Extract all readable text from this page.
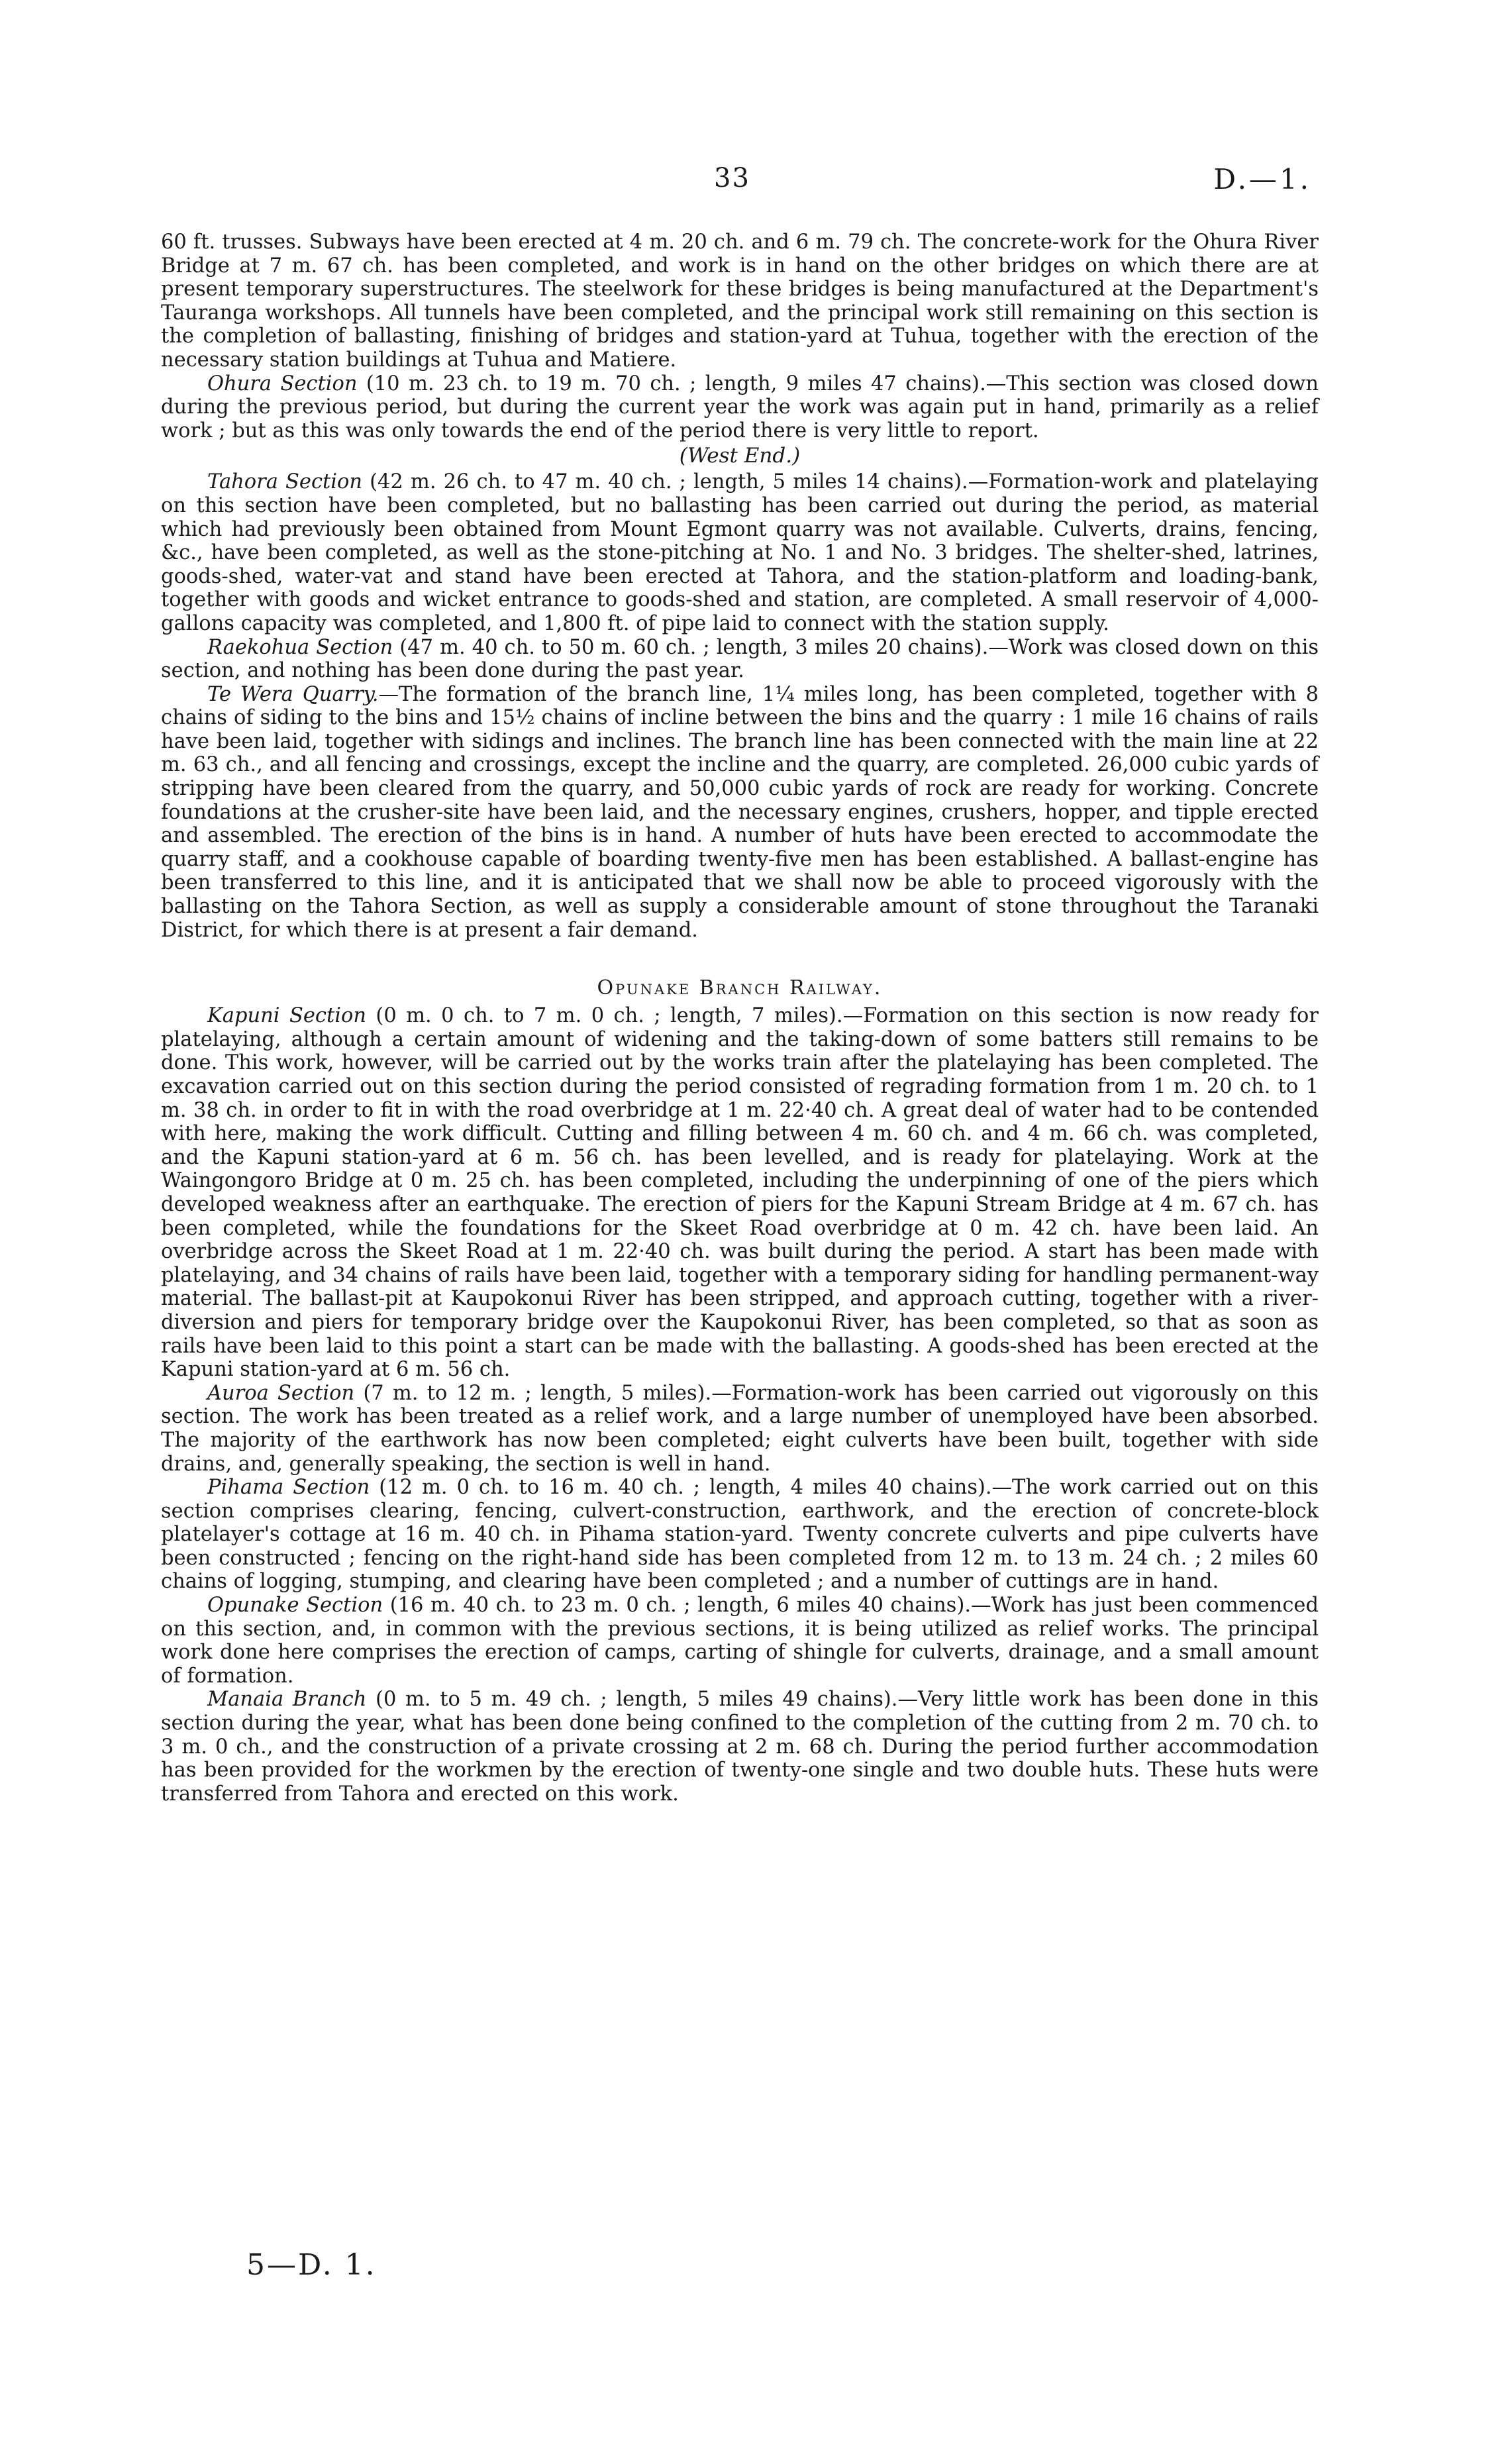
33	D.—1.

60 ft. trusses. Subways have been erected at 4 m. 20 ch. and 6 m. 79 ch. The concrete-work for the Ohura River Bridge at 7 m. 67 ch. has been completed, and work is in hand on the other bridges on which there are at present temporary superstructures. The steelwork for these bridges is being manufactured at the Department's Tauranga workshops. All tunnels have been completed, and the principal work still remaining on this section is the completion of ballasting, finishing of bridges and station-yard at Tuhua, together with the erection of the necessary station buildings at Tuhua and Matiere.

Ohura Section (10 m. 23 ch. to 19 m. 70 ch. ; length, 9 miles 47 chains).—This section was closed down during the previous period, but during the current year the work was again put in hand, primarily as a relief work ; but as this was only towards the end of the period there is very little to report.

(West End.)

Tahora Section (42 m. 26 ch. to 47 m. 40 ch. ; length, 5 miles 14 chains).—Formation-work and platelaying on this section have been completed, but no ballasting has been carried out during the period, as material which had previously been obtained from Mount Egmont quarry was not available. Culverts, drains, fencing, &c., have been completed, as well as the stone-pitching at No. 1 and No. 3 bridges. The shelter-shed, latrines, goods-shed, water-vat and stand have been erected at Tahora, and the station-platform and loading-bank, together with goods and wicket entrance to goods-shed and station, are completed. A small reservoir of 4,000-gallons capacity was completed, and 1,800 ft. of pipe laid to connect with the station supply.

Raekohua Section (47 m. 40 ch. to 50 m. 60 ch. ; length, 3 miles 20 chains).—Work was closed down on this section, and nothing has been done during the past year.

Te Wera Quarry.—The formation of the branch line, 1¼ miles long, has been completed, together with 8 chains of siding to the bins and 15½ chains of incline between the bins and the quarry : 1 mile 16 chains of rails have been laid, together with sidings and inclines. The branch line has been connected with the main line at 22 m. 63 ch., and all fencing and crossings, except the incline and the quarry, are completed. 26,000 cubic yards of stripping have been cleared from the quarry, and 50,000 cubic yards of rock are ready for working. Concrete foundations at the crusher-site have been laid, and the necessary engines, crushers, hopper, and tipple erected and assembled. The erection of the bins is in hand. A number of huts have been erected to accommodate the quarry staff, and a cookhouse capable of boarding twenty-five men has been established. A ballast-engine has been transferred to this line, and it is anticipated that we shall now be able to proceed vigorously with the ballasting on the Tahora Section, as well as supply a considerable amount of stone throughout the Taranaki District, for which there is at present a fair demand.

Opunake Branch Railway.

Kapuni Section (0 m. 0 ch. to 7 m. 0 ch. ; length, 7 miles).—Formation on this section is now ready for platelaying, although a certain amount of widening and the taking-down of some batters still remains to be done. This work, however, will be carried out by the works train after the platelaying has been completed. The excavation carried out on this section during the period consisted of regrading formation from 1 m. 20 ch. to 1 m. 38 ch. in order to fit in with the road overbridge at 1 m. 22·40 ch. A great deal of water had to be contended with here, making the work difficult. Cutting and filling between 4 m. 60 ch. and 4 m. 66 ch. was completed, and the Kapuni station-yard at 6 m. 56 ch. has been levelled, and is ready for platelaying. Work at the Waingongoro Bridge at 0 m. 25 ch. has been completed, including the underpinning of one of the piers which developed weakness after an earthquake. The erection of piers for the Kapuni Stream Bridge at 4 m. 67 ch. has been completed, while the foundations for the Skeet Road overbridge at 0 m. 42 ch. have been laid. An overbridge across the Skeet Road at 1 m. 22·40 ch. was built during the period. A start has been made with platelaying, and 34 chains of rails have been laid, together with a temporary siding for handling permanent-way material. The ballast-pit at Kaupokonui River has been stripped, and approach cutting, together with a river-diversion and piers for temporary bridge over the Kaupokonui River, has been completed, so that as soon as rails have been laid to this point a start can be made with the ballasting. A goods-shed has been erected at the Kapuni station-yard at 6 m. 56 ch.

Auroa Section (7 m. to 12 m. ; length, 5 miles).—Formation-work has been carried out vigorously on this section. The work has been treated as a relief work, and a large number of unemployed have been absorbed. The majority of the earthwork has now been completed; eight culverts have been built, together with side drains, and, generally speaking, the section is well in hand.

Pihama Section (12 m. 0 ch. to 16 m. 40 ch. ; length, 4 miles 40 chains).—The work carried out on this section comprises clearing, fencing, culvert-construction, earthwork, and the erection of concrete-block platelayer's cottage at 16 m. 40 ch. in Pihama station-yard. Twenty concrete culverts and pipe culverts have been constructed ; fencing on the right-hand side has been completed from 12 m. to 13 m. 24 ch. ; 2 miles 60 chains of logging, stumping, and clearing have been completed ; and a number of cuttings are in hand.

Opunake Section (16 m. 40 ch. to 23 m. 0 ch. ; length, 6 miles 40 chains).—Work has just been commenced on this section, and, in common with the previous sections, it is being utilized as relief works. The principal work done here comprises the erection of camps, carting of shingle for culverts, drainage, and a small amount of formation.

Manaia Branch (0 m. to 5 m. 49 ch. ; length, 5 miles 49 chains).—Very little work has been done in this section during the year, what has been done being confined to the completion of the cutting from 2 m. 70 ch. to 3 m. 0 ch., and the construction of a private crossing at 2 m. 68 ch. During the period further accommodation has been provided for the workmen by the erection of twenty-one single and two double huts. These huts were transferred from Tahora and erected on this work.

5—D. 1.
